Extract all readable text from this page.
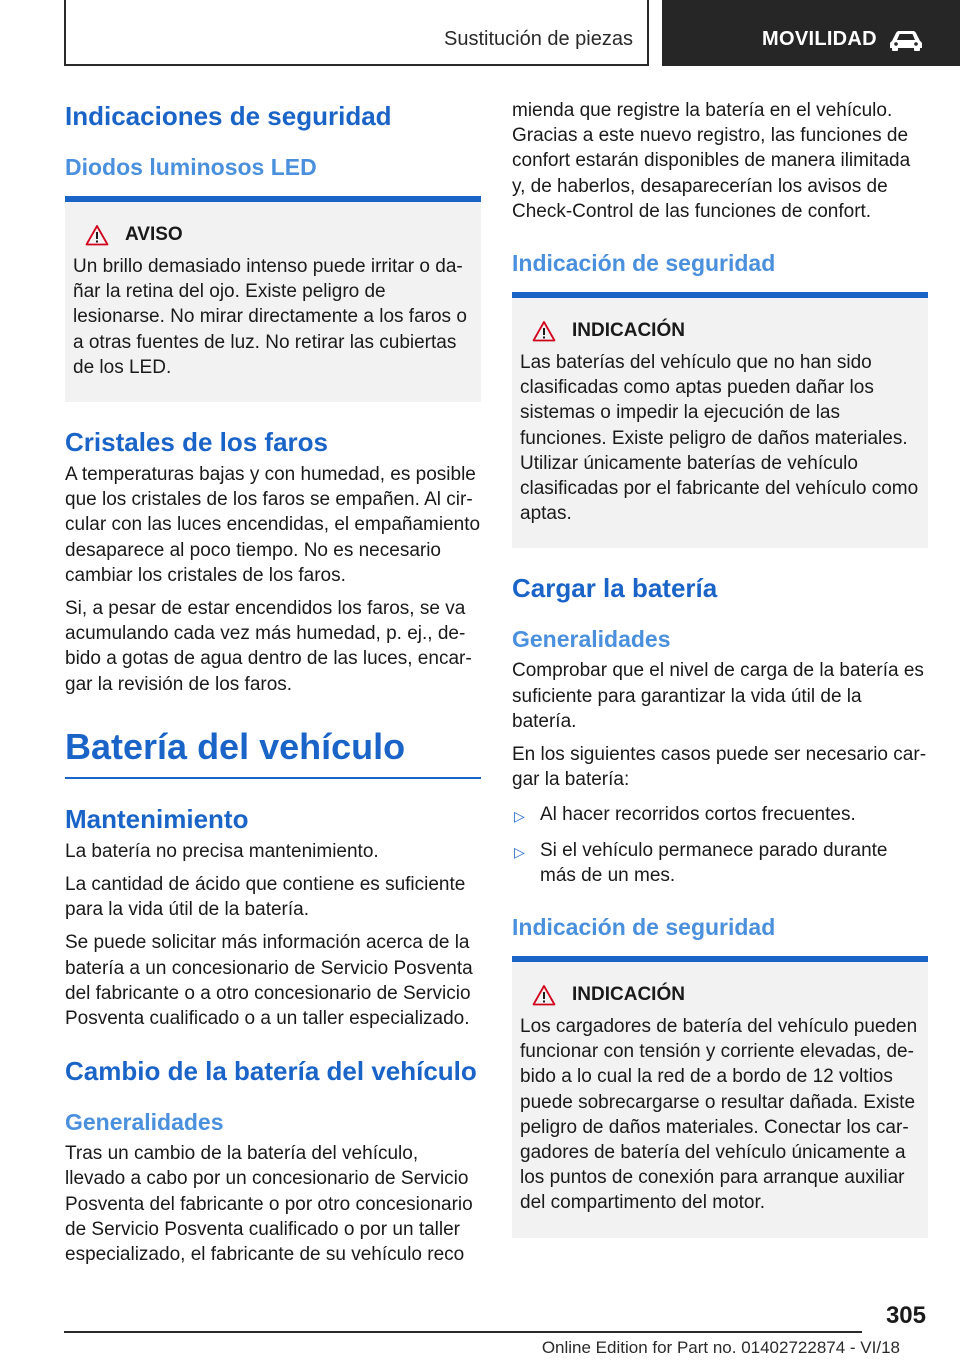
Sustitución de piezas	MOVILIDAD
Indicaciones de seguridad
Diodos luminosos LED
AVISO
Un brillo demasiado intenso puede irritar o dañar la retina del ojo. Existe peligro de lesionarse. No mirar directamente a los faros o a otras fuentes de luz. No retirar las cubiertas de los LED.
Cristales de los faros
A temperaturas bajas y con humedad, es posible que los cristales de los faros se empañen. Al circular con las luces encendidas, el empañamiento desaparece al poco tiempo. No es necesario cambiar los cristales de los faros.
Si, a pesar de estar encendidos los faros, se va acumulando cada vez más humedad, p. ej., debido a gotas de agua dentro de las luces, encargar la revisión de los faros.
Batería del vehículo
Mantenimiento
La batería no precisa mantenimiento.
La cantidad de ácido que contiene es suficiente para la vida útil de la batería.
Se puede solicitar más información acerca de la batería a un concesionario de Servicio Posventa del fabricante o a otro concesionario de Servicio Posventa cualificado o a un taller especializado.
Cambio de la batería del vehículo
Generalidades
Tras un cambio de la batería del vehículo, llevado a cabo por un concesionario de Servicio Posventa del fabricante o por otro concesionario de Servicio Posventa cualificado o por un taller especializado, el fabricante de su vehículo reco
mienda que registre la batería en el vehículo. Gracias a este nuevo registro, las funciones de confort estarán disponibles de manera ilimitada y, de haberlos, desaparecerían los avisos de Check-Control de las funciones de confort.
Indicación de seguridad
INDICACIÓN
Las baterías del vehículo que no han sido clasificadas como aptas pueden dañar los sistemas o impedir la ejecución de las funciones. Existe peligro de daños materiales. Utilizar únicamente baterías de vehículo clasificadas por el fabricante del vehículo como aptas.
Cargar la batería
Generalidades
Comprobar que el nivel de carga de la batería es suficiente para garantizar la vida útil de la batería.
En los siguientes casos puede ser necesario cargar la batería:
▷ Al hacer recorridos cortos frecuentes.
▷ Si el vehículo permanece parado durante más de un mes.
Indicación de seguridad
INDICACIÓN
Los cargadores de batería del vehículo pueden funcionar con tensión y corriente elevadas, debido a lo cual la red de a bordo de 12 voltios puede sobrecargarse o resultar dañada. Existe peligro de daños materiales. Conectar los cargadores de batería del vehículo únicamente a los puntos de conexión para arranque auxiliar del compartimento del motor.
305
Online Edition for Part no. 01402722874 - VI/18
